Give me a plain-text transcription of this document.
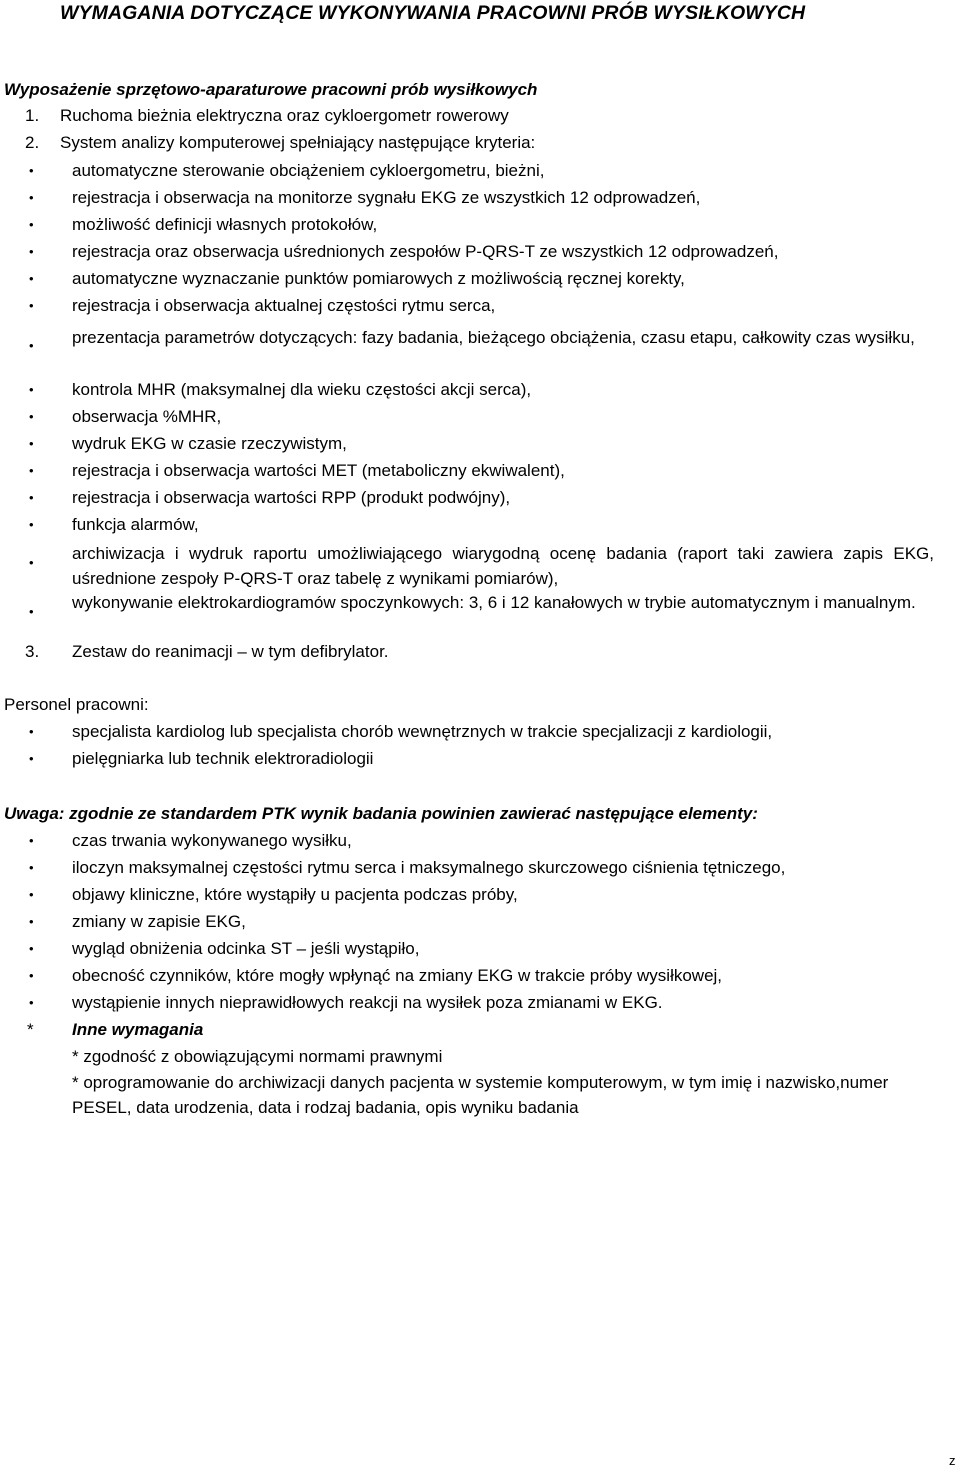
WYMAGANIA DOTYCZĄCE WYKONYWANIA PRACOWNI PRÓB WYSIŁKOWYCH
Wyposażenie sprzętowo-aparaturowe pracowni prób wysiłkowych
1. Ruchoma bieżnia elektryczna oraz cykloergometr rowerowy
2. System analizy komputerowej spełniający następujące kryteria:
• automatyczne sterowanie obciążeniem cykloergometru, bieżni,
• rejestracja i obserwacja na monitorze sygnału EKG ze wszystkich 12 odprowadzeń,
• możliwość definicji własnych protokołów,
• rejestracja oraz obserwacja uśrednionych zespołów P-QRS-T ze wszystkich 12 odprowadzeń,
• automatyczne wyznaczanie punktów pomiarowych z możliwością ręcznej korekty,
• rejestracja i obserwacja aktualnej częstości rytmu serca,
• prezentacja parametrów dotyczących: fazy badania, bieżącego obciążenia, czasu etapu, całkowity czas wysiłku,
• kontrola MHR (maksymalnej dla wieku częstości akcji serca),
• obserwacja %MHR,
• wydruk EKG w czasie rzeczywistym,
• rejestracja i obserwacja wartości MET (metaboliczny ekwiwalent),
• rejestracja i obserwacja wartości RPP (produkt podwójny),
• funkcja alarmów,
• archiwizacja i wydruk raportu umożliwiającego wiarygodną ocenę badania (raport taki zawiera zapis EKG, uśrednione zespoły P-QRS-T oraz tabelę z wynikami pomiarów),
• wykonywanie elektrokardiogramów spoczynkowych: 3, 6 i 12 kanałowych w trybie automatycznym i manualnym.
3. Zestaw do reanimacji – w tym defibrylator.
Personel pracowni:
• specjalista kardiolog lub specjalista chorób wewnętrznych w trakcie specjalizacji z kardiologii,
• pielęgniarka lub technik elektroradiologii
Uwaga: zgodnie ze standardem PTK wynik badania powinien zawierać następujące elementy:
• czas trwania wykonywanego wysiłku,
• iloczyn maksymalnej częstości rytmu serca i maksymalnego skurczowego ciśnienia tętniczego,
• objawy kliniczne, które wystąpiły u pacjenta podczas próby,
• zmiany w zapisie EKG,
• wygląd obniżenia odcinka ST – jeśli wystąpiło,
• obecność czynników, które mogły wpłynąć na zmiany EKG w trakcie próby wysiłkowej,
• wystąpienie innych nieprawidłowych reakcji na wysiłek poza zmianami w EKG.
* Inne wymagania
* zgodność z obowiązującymi normami prawnymi
* oprogramowanie do archiwizacji danych pacjenta w systemie komputerowym, w tym imię i nazwisko,numer PESEL, data urodzenia, data i rodzaj badania, opis wyniku badania
z
